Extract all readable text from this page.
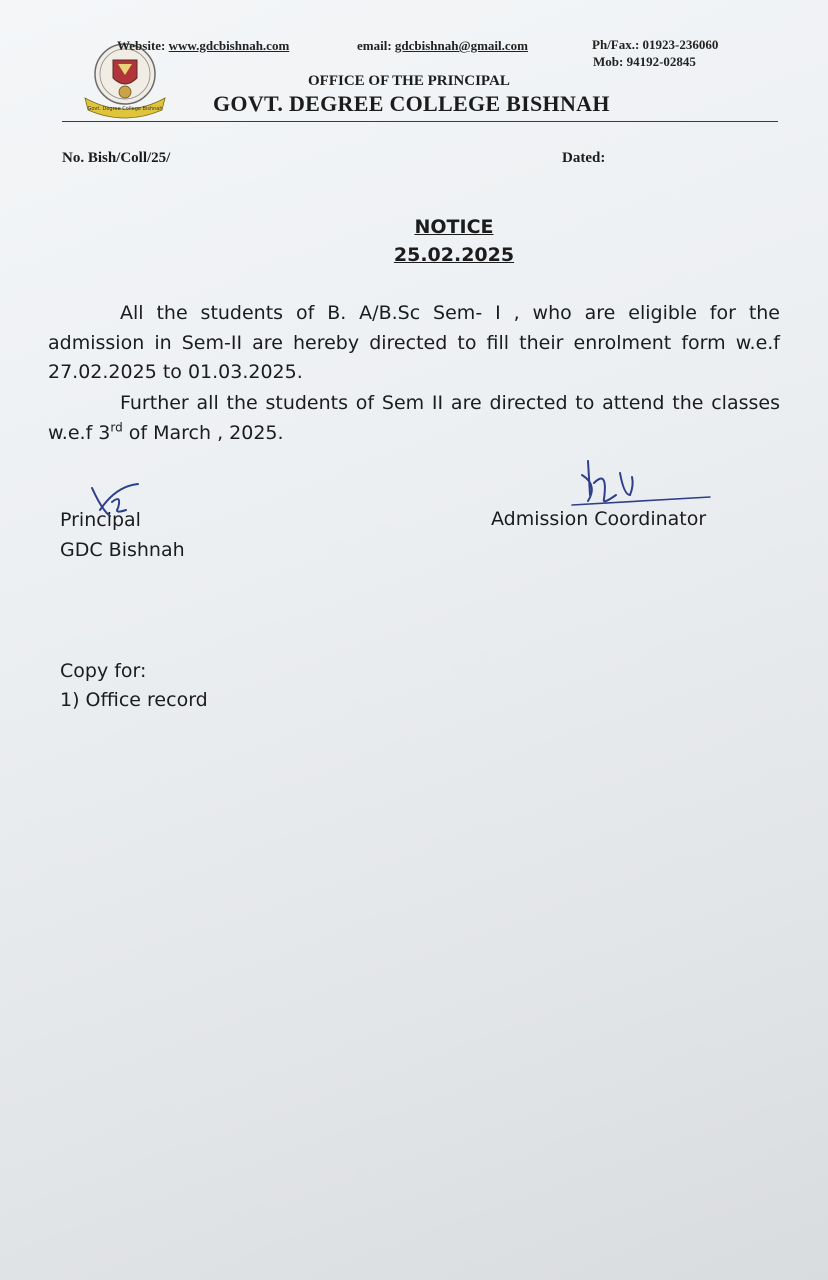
Govt. Degree College Bishnah
Website: www.gdcbishnah.com	email: gdcbishnah@gmail.com	Ph/Fax.: 01923-236060
Mob: 94192-02845
OFFICE OF THE PRINCIPAL
GOVT. DEGREE COLLEGE BISHNAH
No. Bish/Coll/25/	Dated:
NOTICE
25.02.2025
All the students of B. A/B.Sc Sem- I , who are eligible for the admission in Sem-II are hereby directed to fill their enrolment form w.e.f 27.02.2025 to 01.03.2025.
Further all the students of Sem II are directed to attend the classes w.e.f 3rd of March , 2025.
Principal
GDC Bishnah
Admission Coordinator
Copy for:
1) Office record
